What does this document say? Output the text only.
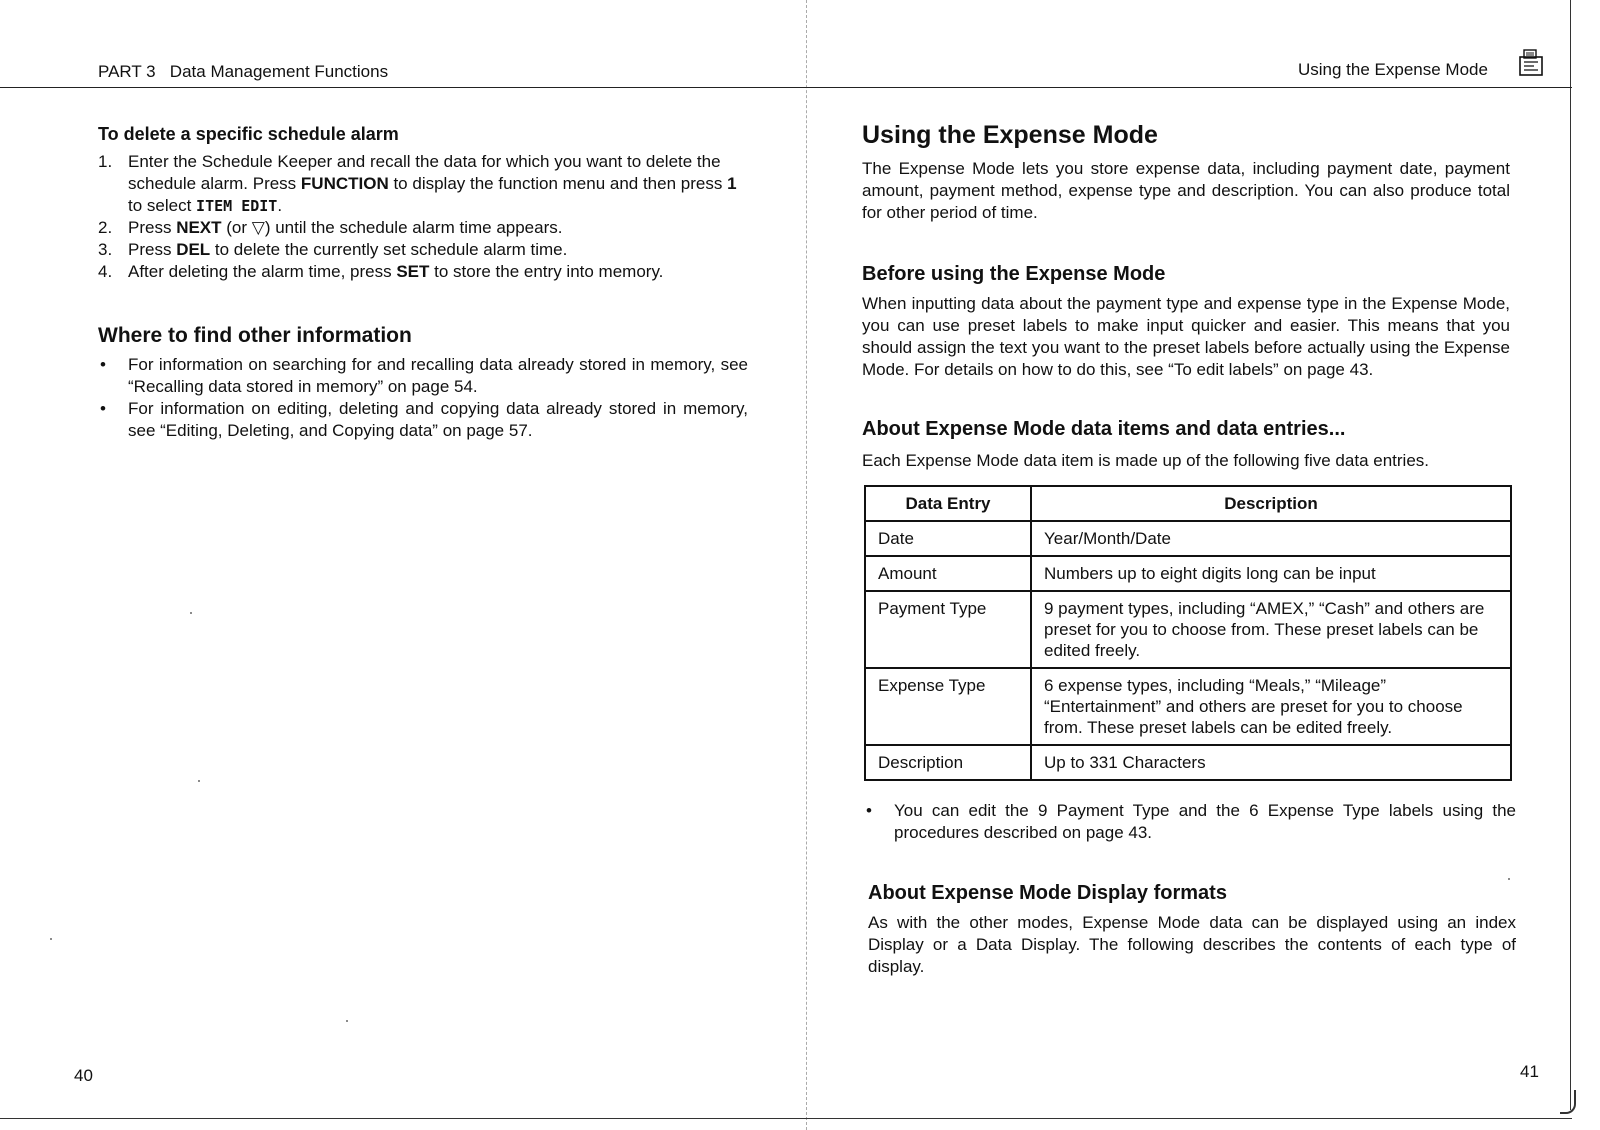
PART 3   Data Management Functions
To delete a specific schedule alarm
1. Enter the Schedule Keeper and recall the data for which you want to delete the schedule alarm. Press FUNCTION to display the function menu and then press 1 to select ITEM EDIT.
2. Press NEXT (or ▽) until the schedule alarm time appears.
3. Press DEL to delete the currently set schedule alarm time.
4. After deleting the alarm time, press SET to store the entry into memory.
Where to find other information
• For information on searching for and recalling data already stored in memory, see “Recalling data stored in memory” on page 54.
• For information on editing, deleting and copying data already stored in memory, see “Editing, Deleting, and Copying data” on page 57.
40
Using the Expense Mode
Using the Expense Mode
The Expense Mode lets you store expense data, including payment date, payment amount, payment method, expense type and description. You can also produce total for other period of time.
Before using the Expense Mode
When inputting data about the payment type and expense type in the Expense Mode, you can use preset labels to make input quicker and easier. This means that you should assign the text you want to the preset labels before actually using the Expense Mode. For details on how to do this, see “To edit labels” on page 43.
About Expense Mode data items and data entries...
Each Expense Mode data item is made up of the following five data entries.
Data Entry	Description
Date	Year/Month/Date
Amount	Numbers up to eight digits long can be input
Payment Type	9 payment types, including “AMEX,” “Cash” and others are preset for you to choose from. These preset labels can be edited freely.
Expense Type	6 expense types, including “Meals,” “Mileage” “Entertainment” and others are preset for you to choose from. These preset labels can be edited freely.
Description	Up to 331 Characters
• You can edit the 9 Payment Type and the 6 Expense Type labels using the procedures described on page 43.
About Expense Mode Display formats
As with the other modes, Expense Mode data can be displayed using an index Display or a Data Display. The following describes the contents of each type of display.
41
